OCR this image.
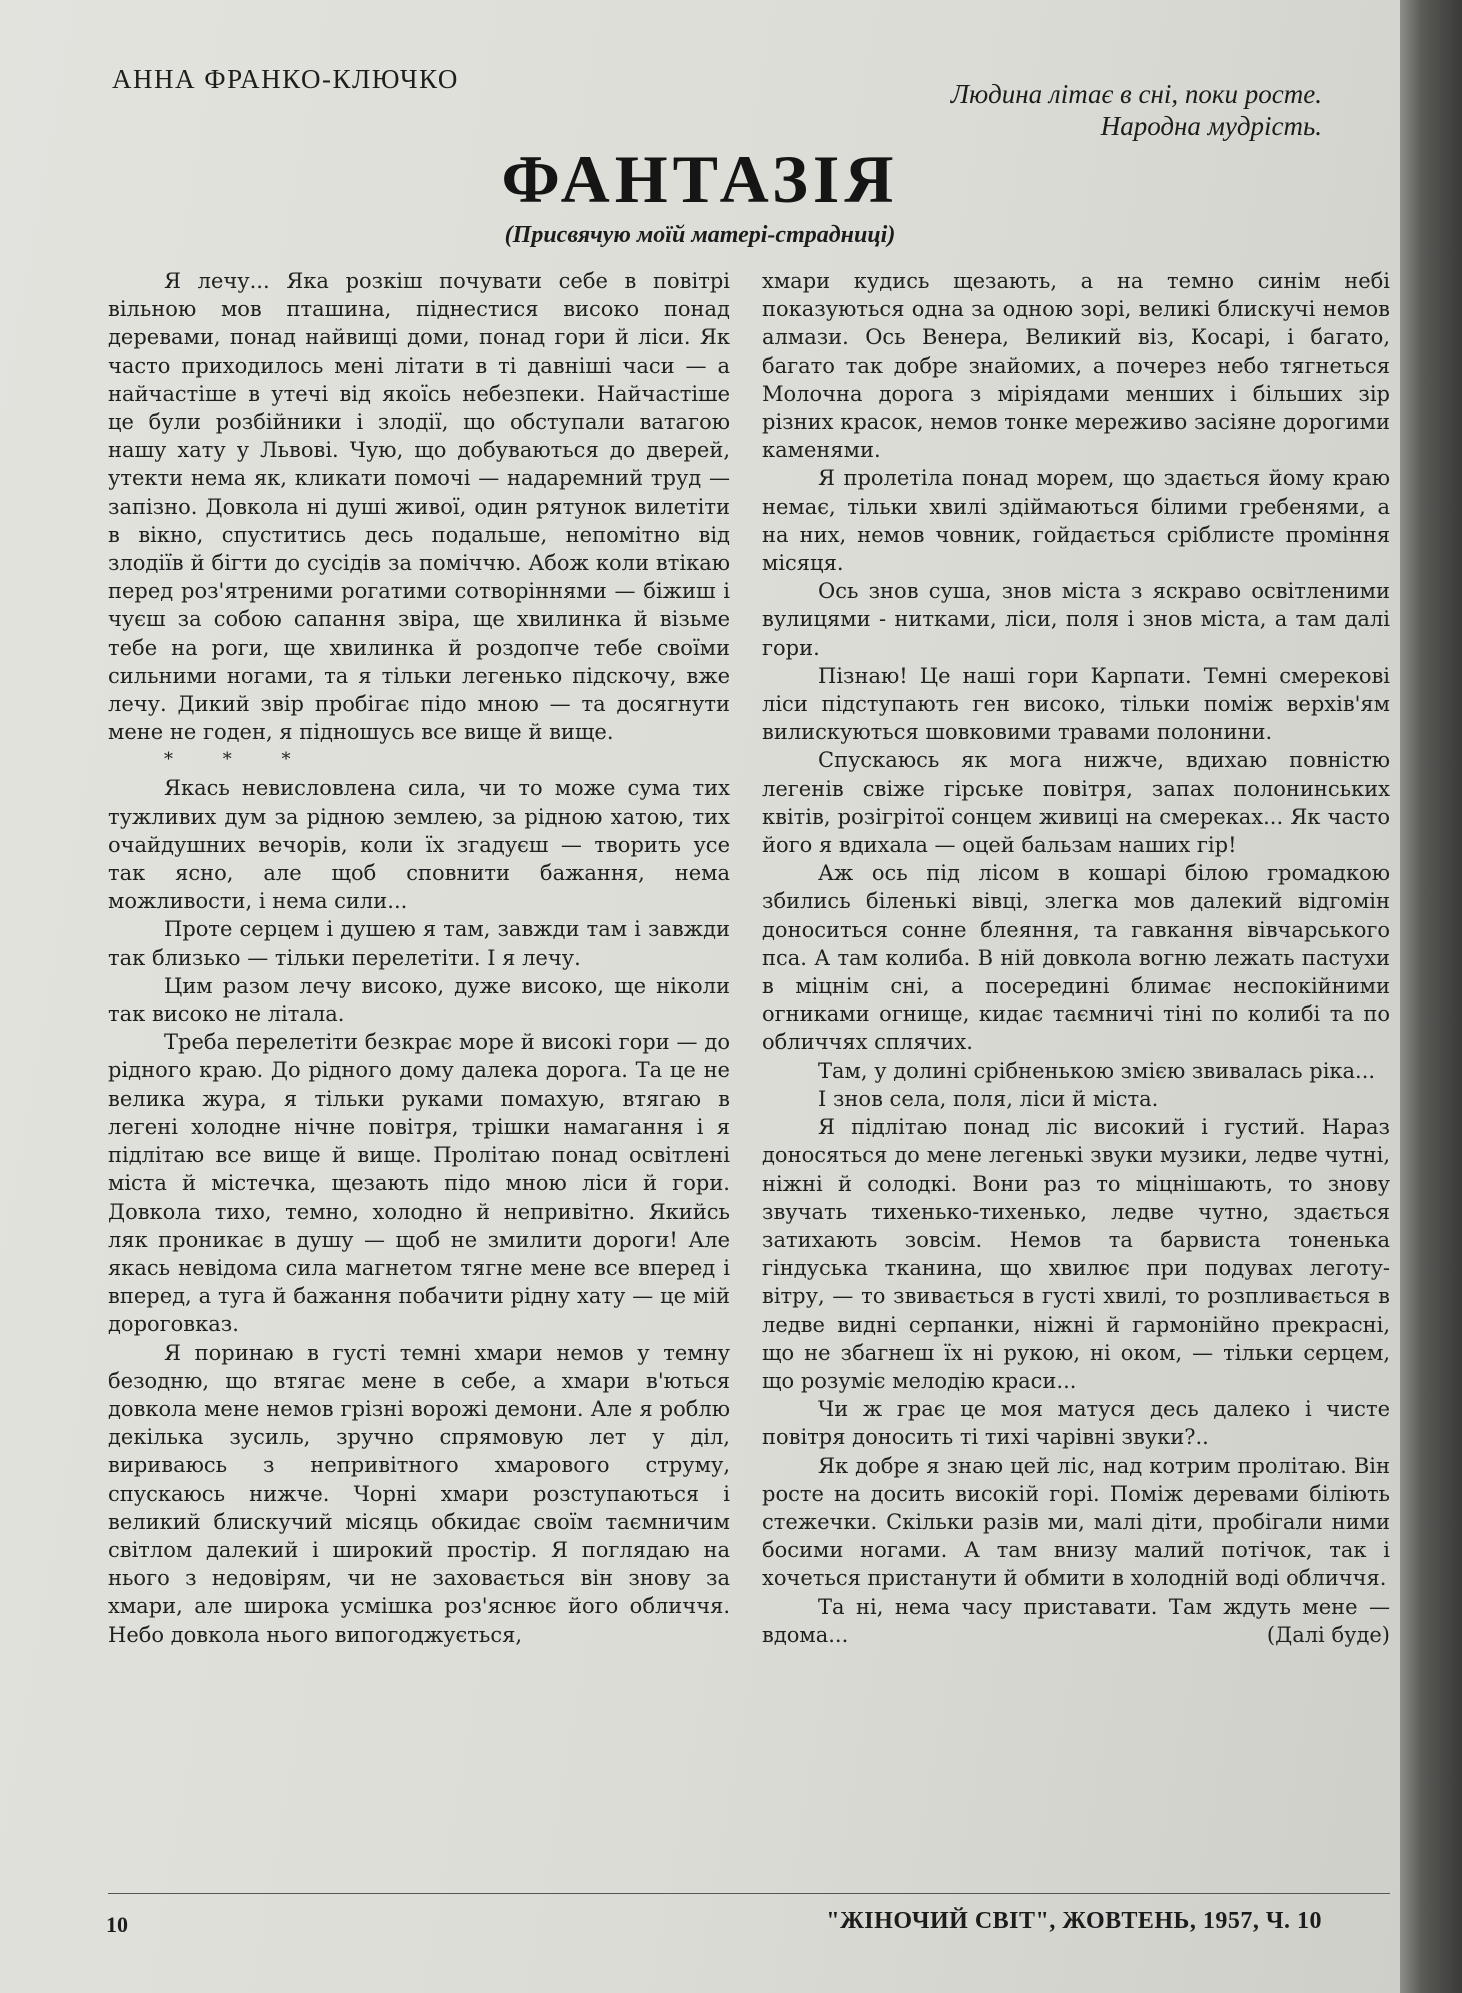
АННА ФРАНКО-КЛЮЧКО	Людина літає в сні, поки росте.
Народна мудрість.
ФАНТАЗІЯ
(Присвячую моїй матері-страдниці)

Я лечу... Яка розкіш почувати себе в повітрі вільною мов пташина, піднестися високо понад деревами, понад найвищі доми, понад гори й ліси. Як часто приходилось мені літати в ті давніші часи — а найчастіше в утечі від якоїсь небезпеки. Найчастіше це були розбійники і злодії, що обступали ватагою нашу хату у Львові. Чую, що добуваються до дверей, утекти нема як, кликати помочі — надаремний труд — запізно. Довкола ні душі живої, один рятунок вилетіти в вікно, спуститись десь подальше, непомітно від злодіїв й бігти до сусідів за поміччю. Абож коли втікаю перед роз'ятреними рогатими сотворіннями — біжиш і чуєш за собою сапання звіра, ще хвилинка й візьме тебе на роги, ще хвилинка й роздопче тебе своїми сильними ногами, та я тільки легенько підскочу, вже лечу. Дикий звір пробігає підо мною — та досягнути мене не годен, я підношусь все вище й вище.

* * *

Якась невисловлена сила, чи то може сума тих тужливих дум за рідною землею, за рідною хатою, тих очайдушних вечорів, коли їх згадуєш — творить усе так ясно, але щоб сповнити бажання, нема можливости, і нема сили...

Проте серцем і душею я там, завжди там і завжди так близько — тільки перелетіти. І я лечу.

Цим разом лечу високо, дуже високо, ще ніколи так високо не літала.

Треба перелетіти безкрає море й високі гори — до рідного краю. До рідного дому далека дорога. Та це не велика жура, я тільки руками помахую, втягаю в легені холодне нічне повітря, трішки намагання і я підлітаю все вище й вище. Пролітаю понад освітлені міста й містечка, щезають підо мною ліси й гори. Довкола тихо, темно, холодно й непривітно. Якийсь ляк проникає в душу — щоб не змилити дороги! Але якась невідома сила магнетом тягне мене все вперед і вперед, а туга й бажання побачити рідну хату — це мій дороговказ.

Я поринаю в густі темні хмари немов у темну безодню, що втягає мене в себе, а хмари в'ються довкола мене немов грізні ворожі демони. Але я роблю декілька зусиль, зручно спрямовую лет у діл, вириваюсь з непривітного хмарового струму, спускаюсь нижче. Чорні хмари розступаються і великий блискучий місяць обкидає своїм таємничим світлом далекий і широкий простір. Я поглядаю на нього з недовірям, чи не заховається він знову за хмари, але широка усмішка роз'яснює його обличчя. Небо довкола нього випогоджується,

хмари кудись щезають, а на темно синім небі показуються одна за одною зорі, великі блискучі немов алмази. Ось Венера, Великий віз, Косарі, і багато, багато так добре знайомих, а почерез небо тягнеться Молочна дорога з міріядами менших і більших зір різних красок, немов тонке мереживо засіяне дорогими каменями.

Я пролетіла понад морем, що здається йому краю немає, тільки хвилі здіймаються білими гребенями, а на них, немов човник, гойдається сріблисте проміння місяця.

Ось знов суша, знов міста з яскраво освітленими вулицями - нитками, ліси, поля і знов міста, а там далі гори.

Пізнаю! Це наші гори Карпати. Темні смерекові ліси підступають ген високо, тільки поміж верхів'ям вилискуються шовковими травами полонини.

Спускаюсь як мога нижче, вдихаю повністю легенів свіже гірське повітря, запах полонинських квітів, розігрітої сонцем живиці на смереках... Як часто його я вдихала — оцей бальзам наших гір!

Аж ось під лісом в кошарі білою громадкою збились біленькі вівці, злегка мов далекий відгомін доноситься сонне блеяння, та гавкання вівчарського пса. А там колиба. В ній довкола вогню лежать пастухи в міцнім сні, а посередині блимає неспокійними огниками огнище, кидає таємничі тіні по колибі та по обличчях сплячих.

Там, у долині срібненькою змією звивалась ріка...

І знов села, поля, ліси й міста.

Я підлітаю понад ліс високий і густий. Нараз доносяться до мене легенькі звуки музики, ледве чутні, ніжні й солодкі. Вони раз то міцнішають, то знову звучать тихенько-тихенько, ледве чутно, здається затихають зовсім. Немов та барвиста тоненька гіндуська тканина, що хвилює при подувах леготу-вітру, — то звивається в густі хвилі, то розпливається в ледве видні серпанки, ніжні й гармонійно прекрасні, що не збагнеш їх ні рукою, ні оком, — тільки серцем, що розуміє мелодію краси...

Чи ж грає це моя матуся десь далеко і чисте повітря доносить ті тихі чарівні звуки?..

Як добре я знаю цей ліс, над котрим пролітаю. Він росте на досить високій горі. Поміж деревами біліють стежечки. Скільки разів ми, малі діти, пробігали ними босими ногами. А там внизу малий потічок, так і хочеться пристанути й обмити в холодній воді обличчя.

Та ні, нема часу приставати. Там ждуть мене — вдома...	(Далі буде)

10	"ЖІНОЧИЙ СВІТ", ЖОВТЕНЬ, 1957, Ч. 10
